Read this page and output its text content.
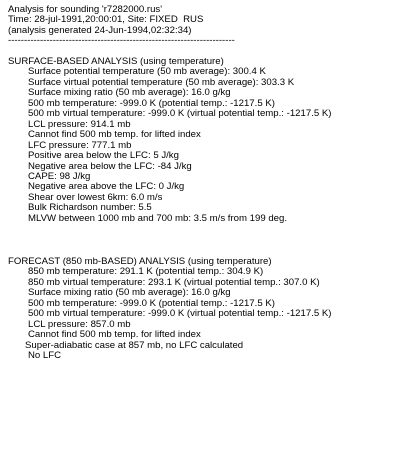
Analysis for sounding 'r7282000.rus'
Time: 28-jul-1991,20:00:01, Site: FIXED  RUS
(analysis generated 24-Jun-1994,02:32:34)
-----------------------------------------------------------------------
SURFACE-BASED ANALYSIS (using temperature)
Surface potential temperature (50 mb average): 300.4 K
Surface virtual potential temperature (50 mb average): 303.3 K
Surface mixing ratio (50 mb average): 16.0 g/kg
500 mb temperature: -999.0 K (potential temp.: -1217.5 K)
500 mb virtual temperature: -999.0 K (virtual potential temp.: -1217.5 K)
LCL pressure: 914.1 mb
Cannot find 500 mb temp. for lifted index
LFC pressure: 777.1 mb
Positive area below the LFC: 5 J/kg
Negative area below the LFC: -84 J/kg
CAPE: 98 J/kg
Negative area above the LFC: 0 J/kg
Shear over lowest 6km: 6.0 m/s
Bulk Richardson number: 5.5
MLVW between 1000 mb and 700 mb: 3.5 m/s from 199 deg.
FORECAST (850 mb-BASED) ANALYSIS (using temperature)
850 mb temperature: 291.1 K (potential temp.: 304.9 K)
850 mb virtual temperature: 293.1 K (virtual potential temp.: 307.0 K)
Surface mixing ratio (50 mb average): 16.0 g/kg
500 mb temperature: -999.0 K (potential temp.: -1217.5 K)
500 mb virtual temperature: -999.0 K (virtual potential temp.: -1217.5 K)
LCL pressure: 857.0 mb
Cannot find 500 mb temp. for lifted index
Super-adiabatic case at 857 mb, no LFC calculated
No LFC
